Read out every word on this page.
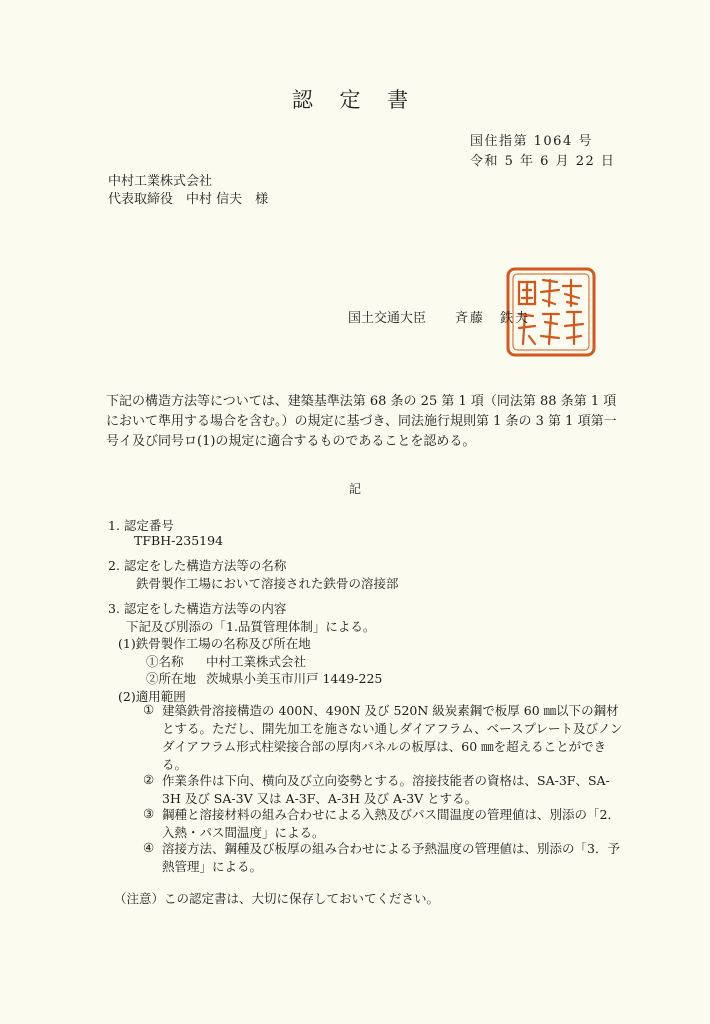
認 定 書
国住指第 1064 号
令和 5 年 6 月 22 日
中村工業株式会社
代表取締役　中村 信夫　様
国土交通大臣 斉藤　鉄夫
下記の構造方法等については、建築基準法第 68 条の 25 第 1 項（同法第 88 条第 1 項において準用する場合を含む。）の規定に基づき、同法施行規則第 1 条の 3 第 1 項第一号イ及び同号ロ(1)の規定に適合するものであることを認める。
記
1. 認定番号
TFBH-235194
2. 認定をした構造方法等の名称
鉄骨製作工場において溶接された鉄骨の溶接部
3. 認定をした構造方法等の内容
下記及び別添の「1.品質管理体制」による。
(1)鉄骨製作工場の名称及び所在地
①名称 中村工業株式会社
②所在地 茨城県小美玉市川戸 1449-225
(2)適用範囲
① 建築鉄骨溶接構造の 400N、490N 及び 520N 級炭素鋼で板厚 60 ㎜以下の鋼材とする。ただし、開先加工を施さない通しダイアフラム、ベースプレート及びノンダイアフラム形式柱梁接合部の厚肉パネルの板厚は、60 ㎜を超えることができる。
② 作業条件は下向、横向及び立向姿勢とする。溶接技能者の資格は、SA-3F、SA-3H 及び SA-3V 又は A-3F、A-3H 及び A-3V とする。
③ 鋼種と溶接材料の組み合わせによる入熱及びパス間温度の管理値は、別添の「2．入熱・パス間温度」による。
④ 溶接方法、鋼種及び板厚の組み合わせによる予熱温度の管理値は、別添の「3．予熱管理」による。
（注意）この認定書は、大切に保存しておいてください。
